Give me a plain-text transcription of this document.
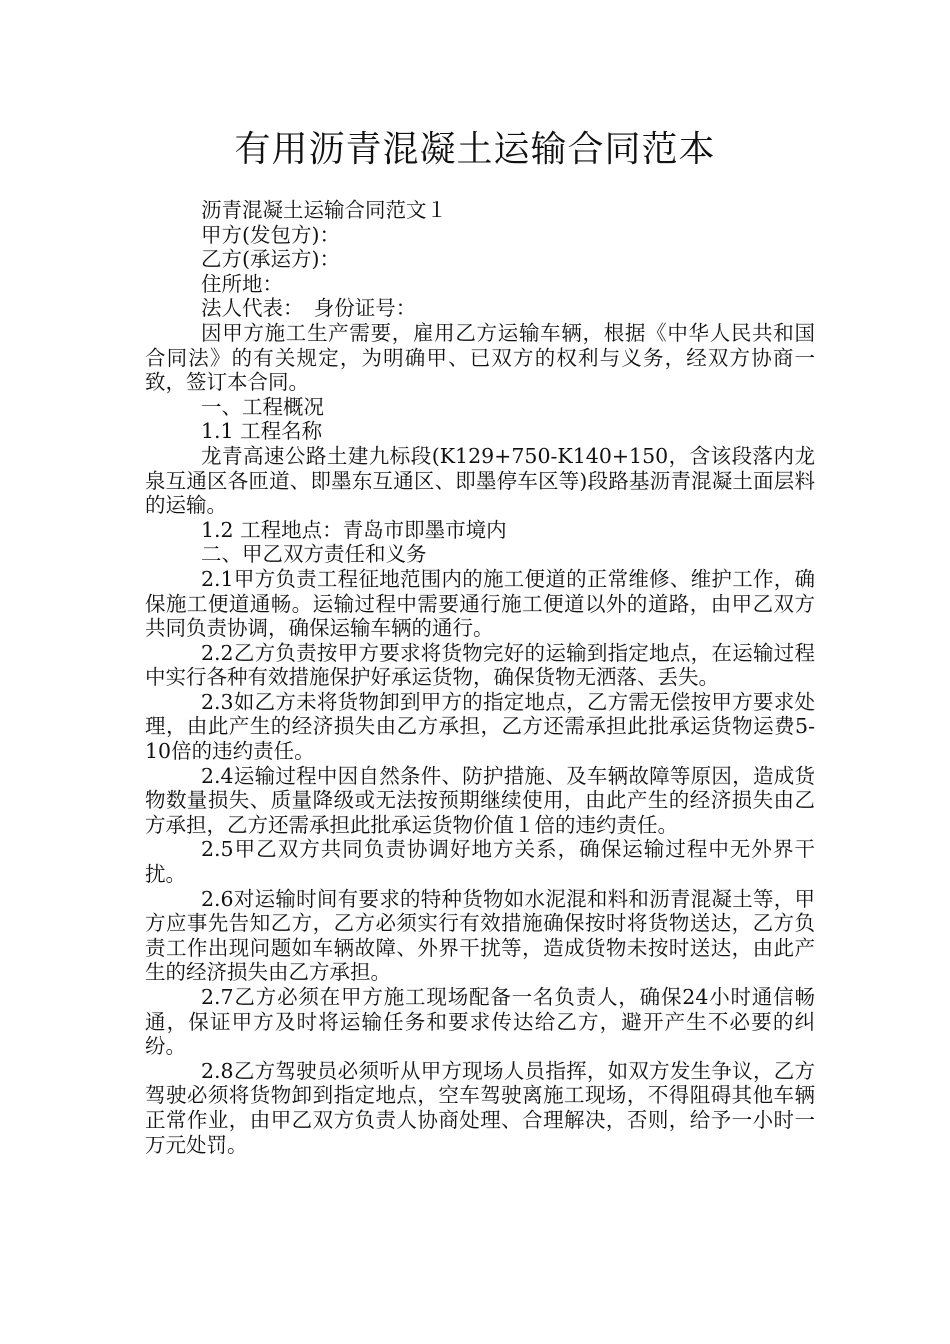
有用沥青混凝土运输合同范本

沥青混凝土运输合同范文１

甲方(发包方)：

乙方(承运方)：

住所地：

法人代表：　身份证号：

因甲方施工生产需要，雇用乙方运输车辆，根据《中华人民共和国合同法》的有关规定，为明确甲、已双方的权利与义务，经双方协商一致，签订本合同。

一、工程概况

1.1 工程名称

龙青高速公路土建九标段(K129+750-K140+150，含该段落内龙泉互通区各匝道、即墨东互通区、即墨停车区等)段路基沥青混凝土面层料的运输。

1.2 工程地点：青岛市即墨市境内

二、甲乙双方责任和义务

2.1甲方负责工程征地范围内的施工便道的正常维修、维护工作，确保施工便道通畅。运输过程中需要通行施工便道以外的道路，由甲乙双方共同负责协调，确保运输车辆的通行。

2.2乙方负责按甲方要求将货物完好的运输到指定地点，在运输过程中实行各种有效措施保护好承运货物，确保货物无洒落、丢失。

2.3如乙方未将货物卸到甲方的指定地点，乙方需无偿按甲方要求处理，由此产生的经济损失由乙方承担，乙方还需承担此批承运货物运费5-10倍的违约责任。

2.4运输过程中因自然条件、防护措施、及车辆故障等原因，造成货物数量损失、质量降级或无法按预期继续使用，由此产生的经济损失由乙方承担，乙方还需承担此批承运货物价值１倍的违约责任。

2.5甲乙双方共同负责协调好地方关系，确保运输过程中无外界干扰。

2.6对运输时间有要求的特种货物如水泥混和料和沥青混凝土等，甲方应事先告知乙方，乙方必须实行有效措施确保按时将货物送达，乙方负责工作出现问题如车辆故障、外界干扰等，造成货物未按时送达，由此产生的经济损失由乙方承担。

2.7乙方必须在甲方施工现场配备一名负责人，确保24小时通信畅通，保证甲方及时将运输任务和要求传达给乙方，避开产生不必要的纠纷。

2.8乙方驾驶员必须听从甲方现场人员指挥，如双方发生争议，乙方驾驶必须将货物卸到指定地点，空车驾驶离施工现场，不得阻碍其他车辆正常作业，由甲乙双方负责人协商处理、合理解决，否则，给予一小时一万元处罚。
